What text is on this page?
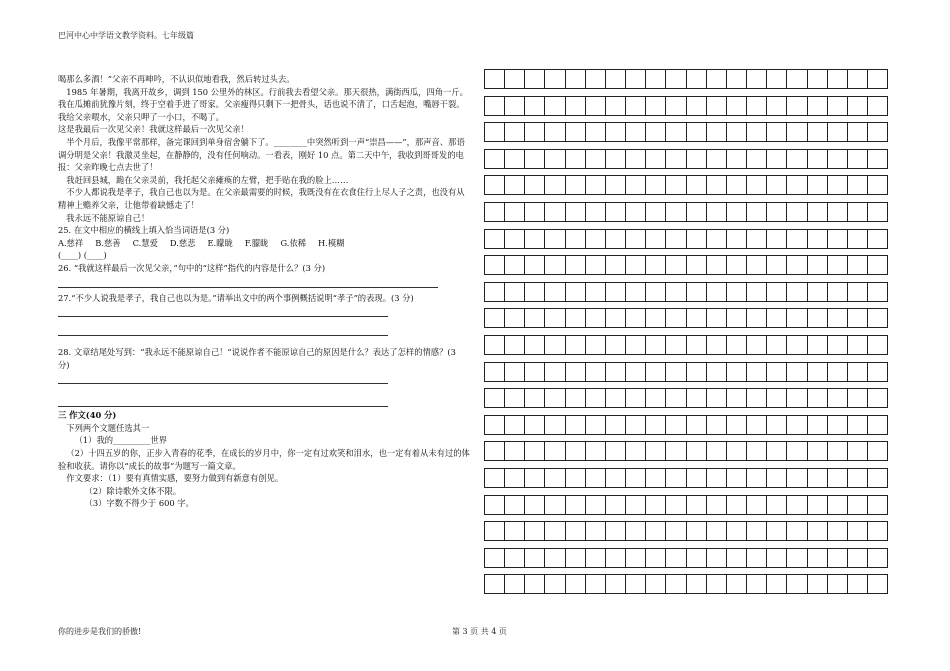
巴河中心中学语文教学资料。七年级篇

喝那么多酒！”父亲不再呻吟，不认识似地看我，然后转过头去。

1985 年暑期，我离开故乡，调到 150 公里外的林区。行前我去看望父亲。那天很热，满街西瓜，四角一斤。我在瓜摊前犹豫片刻，终于空着手进了哥家。父亲瘦得只剩下一把骨头，话也说不清了，口舌起泡，嘴唇干裂。我给父亲喂水，父亲只呷了一小口，不喝了。

这是我最后一次见父亲！我就这样最后一次见父亲！

半个月后，我像平常那样，备完课回到单身宿舍躺下了。________中突然听到一声“崇昌——”，那声音、那语调分明是父亲！我激灵坐起，在静静的，没有任何响动。一看表，刚好 10 点。第二天中午，我收到哥哥发的电报：父亲昨晚七点去世了！

我赶回县城，跪在父亲灵前，我托起父亲瘫痪的左臂，把手贴在我的脸上……

不少人都说我是孝子，我自己也以为是。在父亲最需要的时候，我既没有在衣食住行上尽人子之责，也没有从精神上赡养父亲，让他带着缺憾走了！

我永远不能原谅自己！

25. 在文中相应的横线上填入恰当词语是(3 分)

A.慈祥 B.慈善 C.慧爱 D.慈悲 E.矇眬 F.朦眬 G.依稀 H.模糊

(____) (____)

26. “我就这样最后一次见父亲，”句中的“这样”指代的内容是什么？(3 分)

27.“不少人说我是孝子，我自己也以为是。”请举出文中的两个事例概括说明“孝子”的表现。(3 分)

28. 文章结尾处写到：“我永远不能原谅自己！”说说作者不能原谅自己的原因是什么？表达了怎样的情感？(3 分)

三 作文(40 分)

下列两个文题任选其一

（1）我的_________世界

（2）十四五岁的你，正步入青春的花季，在成长的岁月中，你一定有过欢笑和泪水，也一定有着从未有过的体验和收获。请你以“成长的故事”为题写一篇文章。

作文要求：（1）要有真情实感，要努力做到有新意有创见。

（2）除诗歌外文体不限。

（3）字数不得少于 600 字。

你的进步是我们的骄傲!	第 3 页 共 4 页
